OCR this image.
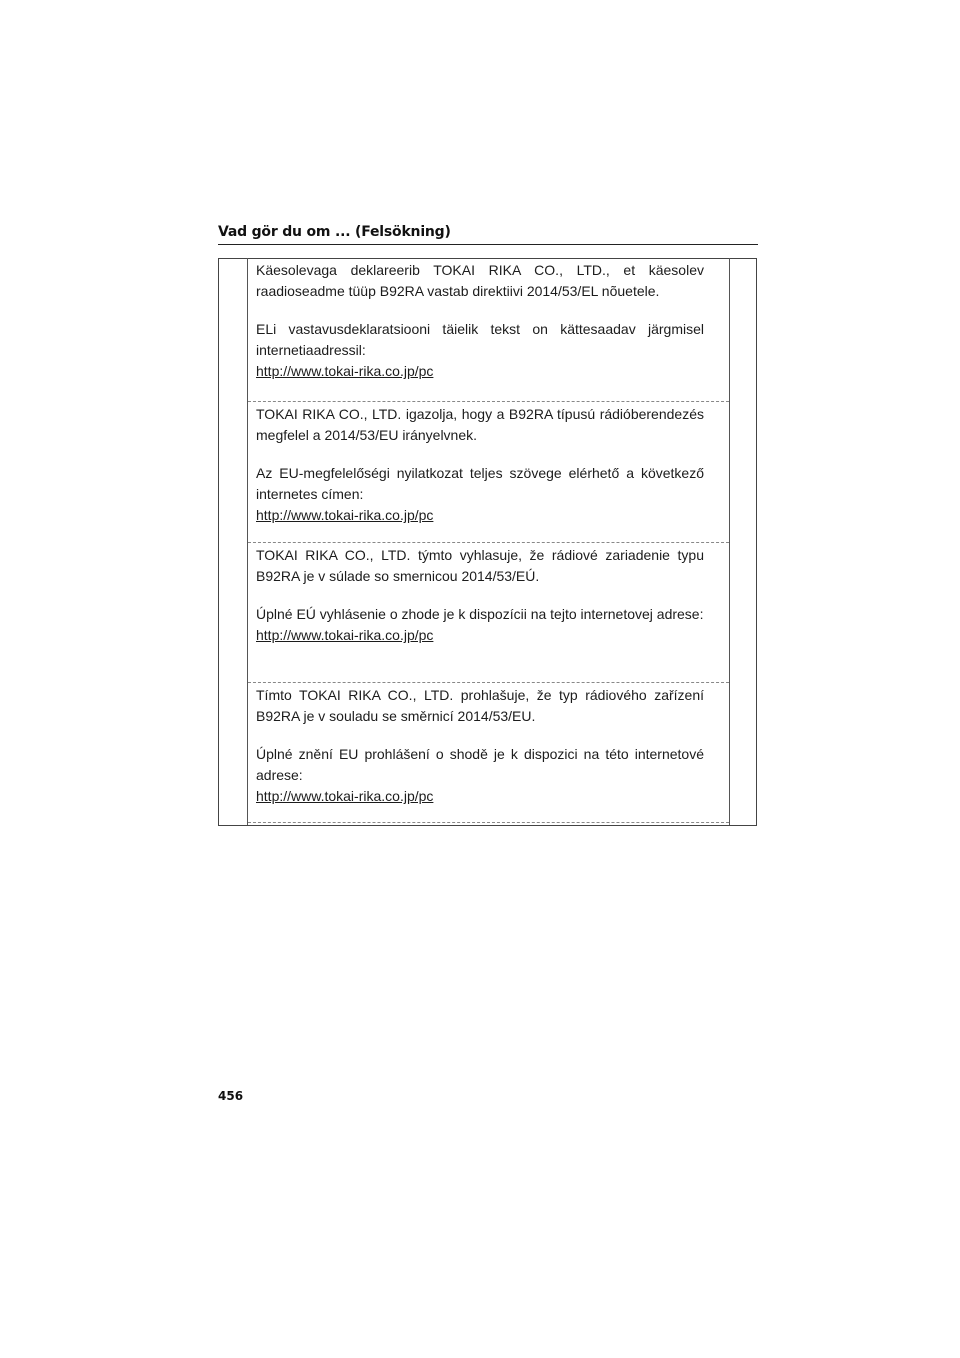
Vad gör du om ... (Felsökning)

Käesolevaga deklareerib TOKAI RIKA CO., LTD., et käesolev raadioseadme tüüp B92RA vastab direktiivi 2014/53/EL nõuetele.

ELi vastavusdeklaratsiooni täielik tekst on kättesaadav järgmisel internetiaadressil:
http://www.tokai-rika.co.jp/pc

TOKAI RIKA CO., LTD. igazolja, hogy a B92RA típusú rádióberendezés megfelel a 2014/53/EU irányelvnek.

Az EU-megfelelőségi nyilatkozat teljes szövege elérhető a következő internetes címen:
http://www.tokai-rika.co.jp/pc

TOKAI RIKA CO., LTD. týmto vyhlasuje, že rádiové zariadenie typu B92RA je v súlade so smernicou 2014/53/EÚ.

Úplné EÚ vyhlásenie o zhode je k dispozícii na tejto internetovej adrese:
http://www.tokai-rika.co.jp/pc

Tímto TOKAI RIKA CO., LTD. prohlašuje, že typ rádiového zařízení B92RA je v souladu se směrnicí 2014/53/EU.

Úplné znění EU prohlášení o shodě je k dispozici na této internetové adrese:
http://www.tokai-rika.co.jp/pc

456
